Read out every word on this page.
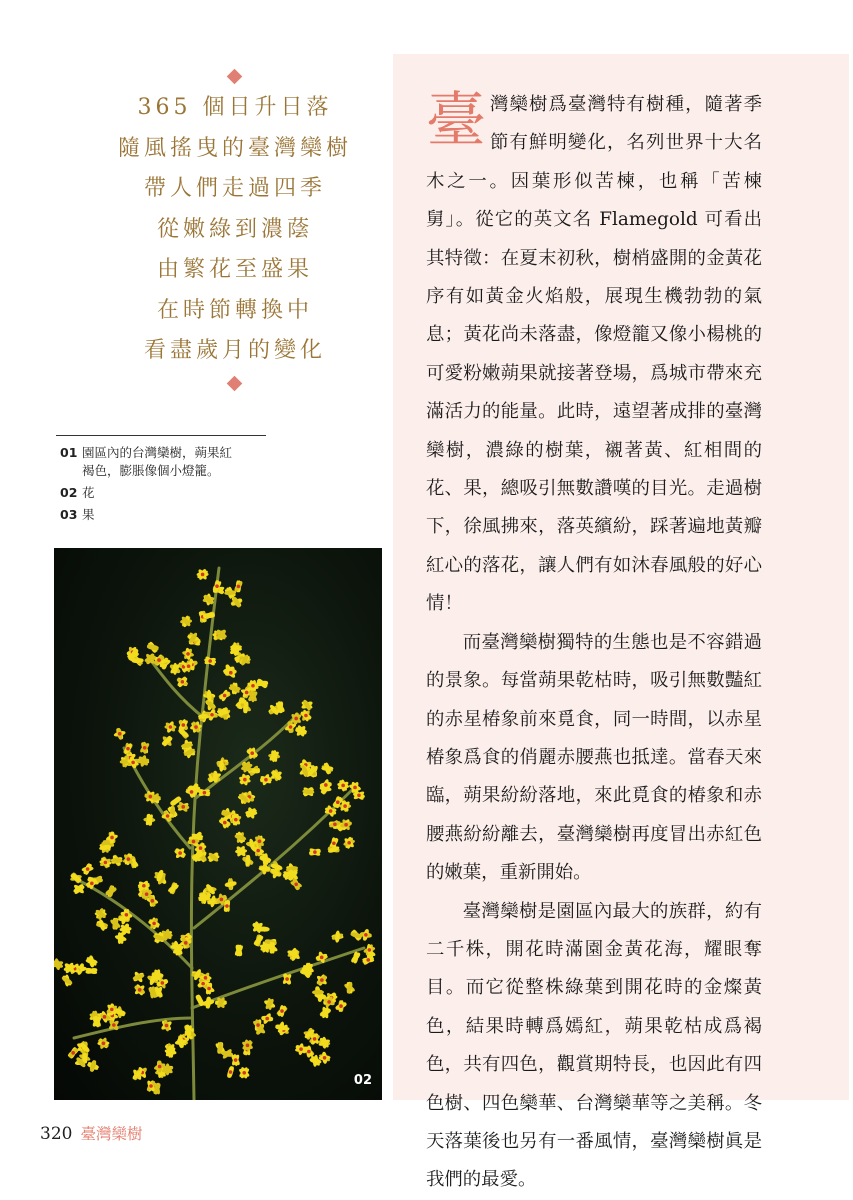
365 個日升日落
隨風搖曳的臺灣欒樹
帶人們走過四季
從嫩綠到濃蔭
由繁花至盛果
在時節轉換中
看盡歲月的變化
01 園區內的台灣欒樹，蒴果紅
褐色，膨脹像個小燈籠。
02 花
03 果
02

臺灣欒樹爲臺灣特有樹種，隨著季節有鮮明變化，名列世界十大名木之一。因葉形似苦楝，也稱「苦楝舅」。從它的英文名 Flamegold 可看出其特徵：在夏末初秋，樹梢盛開的金黃花序有如黃金火焰般，展現生機勃勃的氣息；黃花尚未落盡，像燈籠又像小楊桃的可愛粉嫩蒴果就接著登場，爲城市帶來充滿活力的能量。此時，遠望著成排的臺灣欒樹，濃綠的樹葉，襯著黃、紅相間的花、果，總吸引無數讚嘆的目光。走過樹下，徐風拂來，落英繽紛，踩著遍地黃瓣紅心的落花，讓人們有如沐春風般的好心情！

而臺灣欒樹獨特的生態也是不容錯過的景象。每當蒴果乾枯時，吸引無數豔紅的赤星椿象前來覓食，同一時間，以赤星椿象爲食的俏麗赤腰燕也抵達。當春天來臨，蒴果紛紛落地，來此覓食的椿象和赤腰燕紛紛離去，臺灣欒樹再度冒出赤紅色的嫩葉，重新開始。

臺灣欒樹是園區內最大的族群，約有二千株，開花時滿園金黃花海，耀眼奪目。而它從整株綠葉到開花時的金燦黃色，結果時轉爲嫣紅，蒴果乾枯成爲褐色，共有四色，觀賞期特長，也因此有四色樹、四色欒華、台灣欒華等之美稱。冬天落葉後也另有一番風情，臺灣欒樹眞是我們的最愛。

320 臺灣欒樹
